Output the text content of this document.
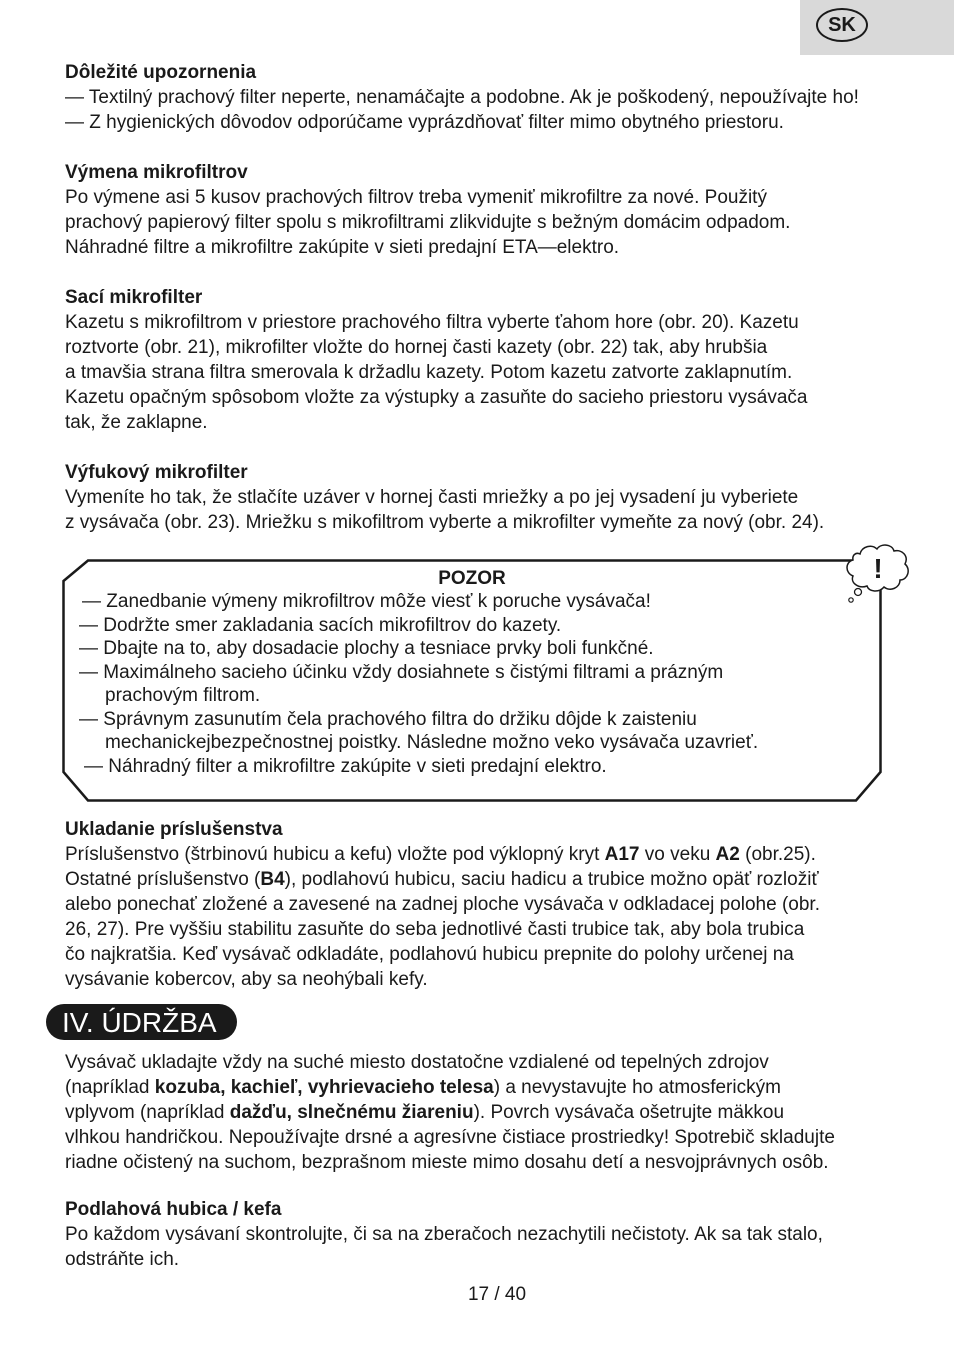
SK
Dôležité upozornenia
— Textilný prachový filter neperte, nenamáčajte a podobne. Ak je poškodený, nepoužívajte ho!
— Z hygienických dôvodov odporúčame vyprázdňovať filter mimo obytného priestoru.
Výmena mikrofiltrov
Po výmene asi 5 kusov prachových filtrov treba vymeniť mikrofiltre za nové. Použitý
prachový papierový filter spolu s mikrofiltrami zlikvidujte s bežným domácim odpadom.
Náhradné filtre a mikrofiltre zakúpite v sieti predajní ETA—elektro.
Sací mikrofilter
Kazetu s mikrofiltrom v priestore prachového filtra vyberte ťahom hore (obr. 20). Kazetu
roztvorte (obr. 21), mikrofilter vložte do hornej časti kazety (obr. 22) tak, aby hrubšia
a tmavšia strana filtra smerovala k držadlu kazety. Potom kazetu zatvorte zaklapnutím.
Kazetu opačným spôsobom vložte za výstupky a zasuňte do sacieho priestoru vysávača
tak, že zaklapne.
Výfukový mikrofilter
Vymeníte ho tak, že stlačíte uzáver v hornej časti mriežky a po jej vysadení ju vyberiete
z vysávača (obr. 23). Mriežku s mikofiltrom vyberte a mikrofilter vymeňte za nový (obr. 24).
POZOR
— Zanedbanie výmeny mikrofiltrov môže viesť k poruche vysávača!
— Dodržte smer zakladania sacích mikrofiltrov do kazety.
— Dbajte na to, aby dosadacie plochy a tesniace prvky boli funkčné.
— Maximálneho sacieho účinku vždy dosiahnete s čistými filtrami a prázným
prachovým filtrom.
— Správnym zasunutím čela prachového filtra do držiku dôjde k zaisteniu
mechanickejbezpečnostnej poistky. Následne možno veko vysávača uzavrieť.
— Náhradný filter a mikrofiltre zakúpite v sieti predajní elektro.
!
Ukladanie príslušenstva
Príslušenstvo (štrbinovú hubicu a kefu) vložte pod výklopný kryt A17 vo veku A2 (obr.25).
Ostatné príslušenstvo (B4), podlahovú hubicu, saciu hadicu a trubice možno opäť rozložiť
alebo ponechať zložené a zavesené na zadnej ploche vysávača v odkladacej polohe (obr.
26, 27). Pre vyššiu stabilitu zasuňte do seba jednotlivé časti trubice tak, aby bola trubica
čo najkratšia. Keď vysávač odkladáte, podlahovú hubicu prepnite do polohy určenej na
vysávanie kobercov, aby sa neohýbali kefy.
IV. ÚDRŽBA
Vysávač ukladajte vždy na suché miesto dostatočne vzdialené od tepelných zdrojov
(napríklad kozuba, kachieľ, vyhrievacieho telesa) a nevystavujte ho atmosferickým
vplyvom (napríklad dažďu, slnečnému žiareniu). Povrch vysávača ošetrujte mäkkou
vlhkou handričkou. Nepoužívajte drsné a agresívne čistiace prostriedky! Spotrebič skladujte
riadne očistený na suchom, bezprašnom mieste mimo dosahu detí a nesvojprávnych osôb.
Podlahová hubica / kefa
Po každom vysávaní skontrolujte, či sa na zberačoch nezachytili nečistoty. Ak sa tak stalo,
odstráňte ich.
17 / 40
